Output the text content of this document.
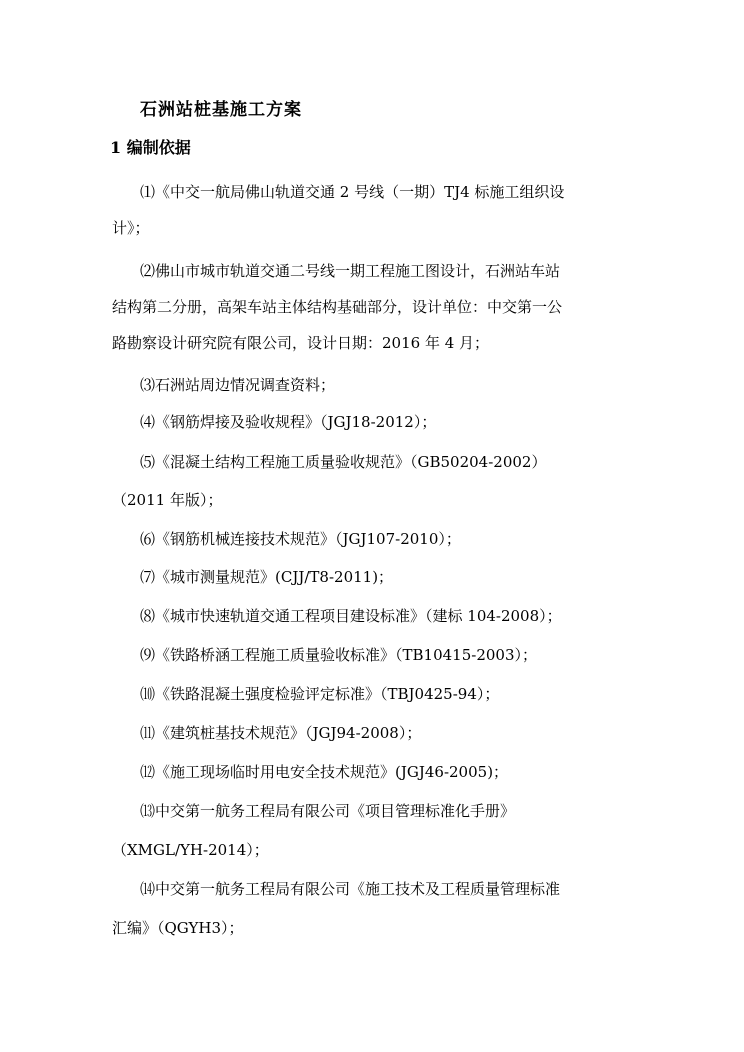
石洲站桩基施工方案
1 编制依据
⑴《中交一航局佛山轨道交通 2 号线（一期）TJ4 标施工组织设
计》；
⑵佛山市城市轨道交通二号线一期工程施工图设计，石洲站车站
结构第二分册，高架车站主体结构基础部分，设计单位：中交第一公
路勘察设计研究院有限公司，设计日期：2016 年 4 月；
⑶石洲站周边情况调查资料；
⑷《钢筋焊接及验收规程》（JGJ18-2012）；
⑸《混凝土结构工程施工质量验收规范》（GB50204-2002）
（2011 年版）；
⑹《钢筋机械连接技术规范》（JGJ107-2010）；
⑺《城市测量规范》(CJJ/T8-2011)；
⑻《城市快速轨道交通工程项目建设标准》（建标 104-2008）；
⑼《铁路桥涵工程施工质量验收标准》（TB10415-2003）；
⑽《铁路混凝土强度检验评定标准》（TBJ0425-94）；
⑾《建筑桩基技术规范》（JGJ94-2008）；
⑿《施工现场临时用电安全技术规范》(JGJ46-2005)；
⒀中交第一航务工程局有限公司《项目管理标准化手册》
（XMGL/YH-2014）；
⒁中交第一航务工程局有限公司《施工技术及工程质量管理标准
汇编》（QGYH3）；
